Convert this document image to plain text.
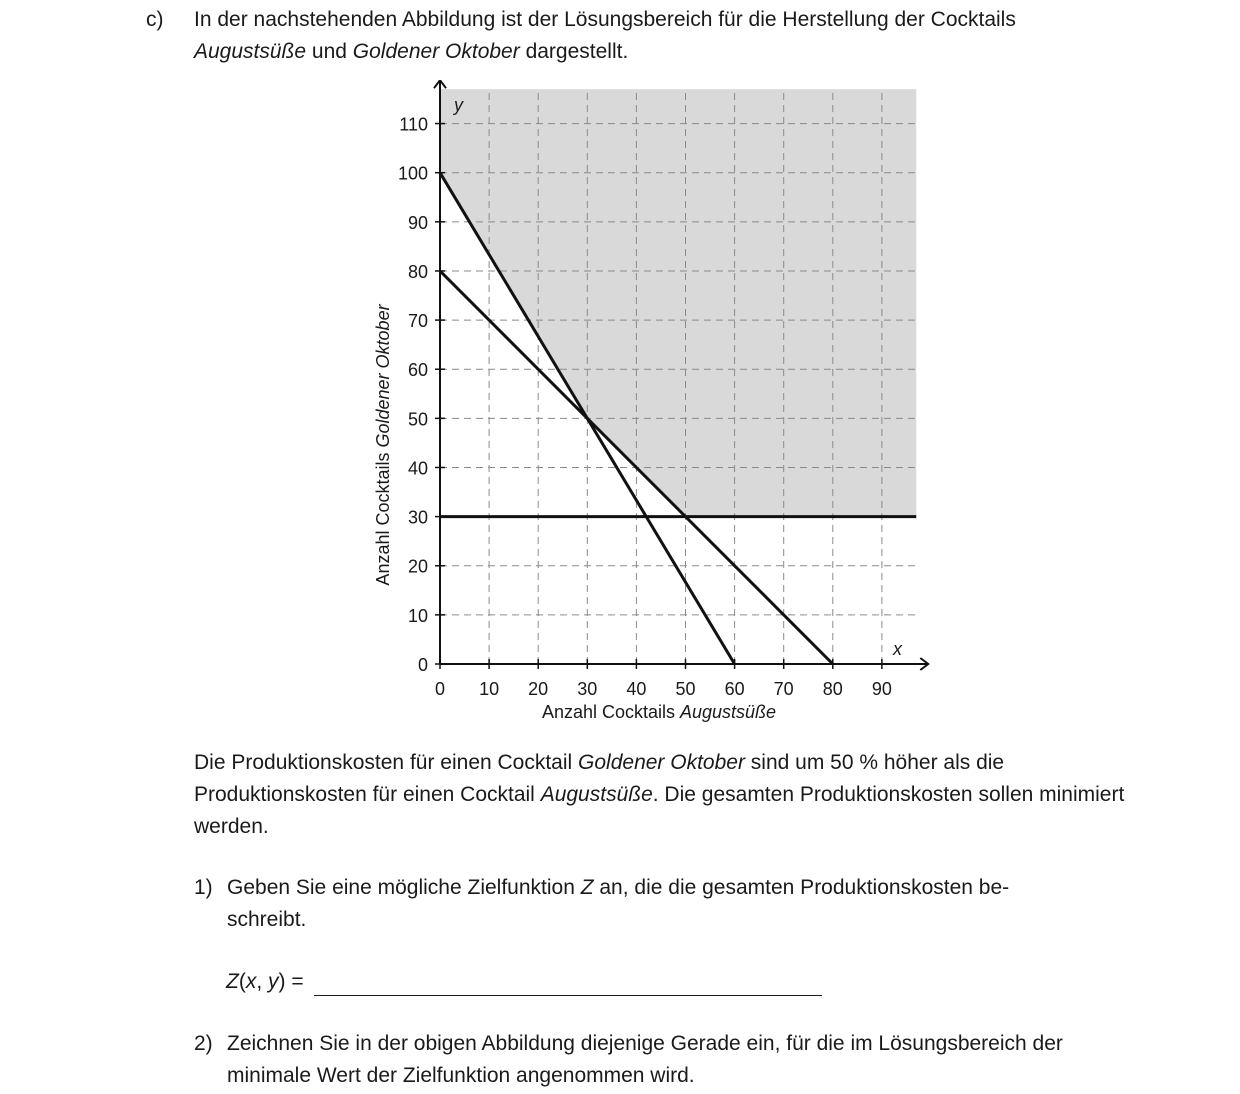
c) In der nachstehenden Abbildung ist der Lösungsbereich für die Herstellung der Cocktails
Augustsüße und Goldener Oktober dargestellt.
0 10 20 30 40 50 60 70 80 90
0
10
20
30
40
50
60
70
80
90
100
110
Anzahl Cocktails Augustsüße
Anzahl Cocktails Goldener Oktober
x
y
Die Produktionskosten für einen Cocktail Goldener Oktober sind um 50 % höher als die Produktionskosten für einen Cocktail Augustsüße. Die gesamten Produktionskosten sollen minimiert werden.
1) Geben Sie eine mögliche Zielfunktion Z an, die die gesamten Produktionskosten be-
schreibt.
Z(x, y) =
2) Zeichnen Sie in der obigen Abbildung diejenige Gerade ein, für die im Lösungsbereich der minimale Wert der Zielfunktion angenommen wird.
